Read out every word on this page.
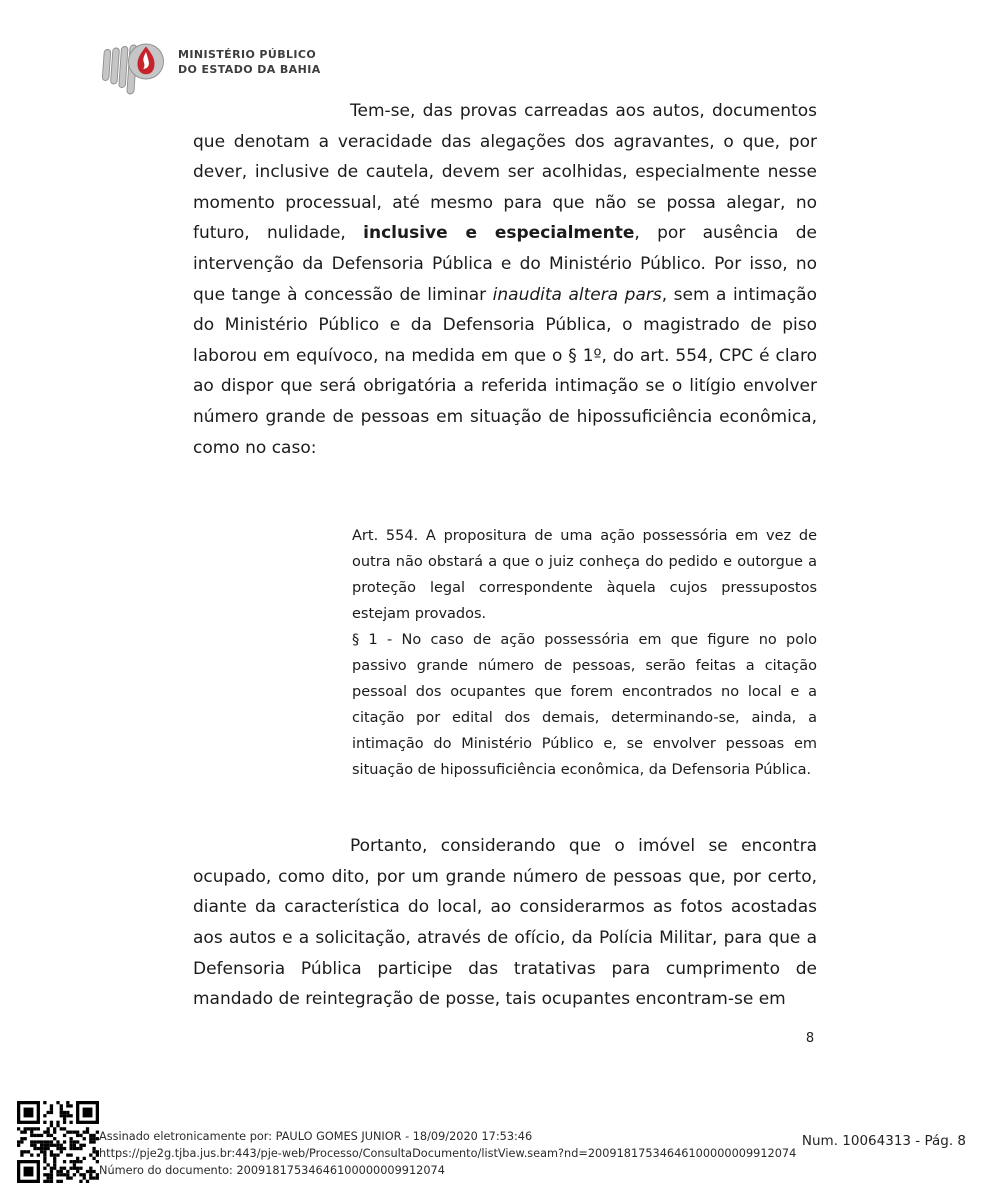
MINISTÉRIO PÚBLICO
DO ESTADO DA BAHIA

Tem-se, das provas carreadas aos autos, documentos que denotam a veracidade das alegações dos agravantes, o que, por dever, inclusive de cautela, devem ser acolhidas, especialmente nesse momento processual, até mesmo para que não se possa alegar, no futuro, nulidade, inclusive e especialmente, por ausência de intervenção da Defensoria Pública e do Ministério Público. Por isso, no que tange à concessão de liminar inaudita altera pars, sem a intimação do Ministério Público e da Defensoria Pública, o magistrado de piso laborou em equívoco, na medida em que o § 1º, do art. 554, CPC é claro ao dispor que será obrigatória a referida intimação se o litígio envolver número grande de pessoas em situação de hipossuficiência econômica, como no caso:

Art. 554. A propositura de uma ação possessória em vez de outra não obstará a que o juiz conheça do pedido e outorgue a proteção legal correspondente àquela cujos pressupostos estejam provados.

§ 1 - No caso de ação possessória em que figure no polo passivo grande número de pessoas, serão feitas a citação pessoal dos ocupantes que forem encontrados no local e a citação por edital dos demais, determinando-se, ainda, a intimação do Ministério Público e, se envolver pessoas em situação de hipossuficiência econômica, da Defensoria Pública.

Portanto, considerando que o imóvel se encontra ocupado, como dito, por um grande número de pessoas que, por certo, diante da característica do local, ao considerarmos as fotos acostadas aos autos e a solicitação, através de ofício, da Polícia Militar, para que a Defensoria Pública participe das tratativas para cumprimento de mandado de reintegração de posse, tais ocupantes encontram-se em

8
Assinado eletronicamente por: PAULO GOMES JUNIOR - 18/09/2020 17:53:46
https://pje2g.tjba.jus.br:443/pje-web/Processo/ConsultaDocumento/listView.seam?nd=20091817534646100000009912074
Número do documento: 20091817534646100000009912074
Num. 10064313 - Pág. 8
